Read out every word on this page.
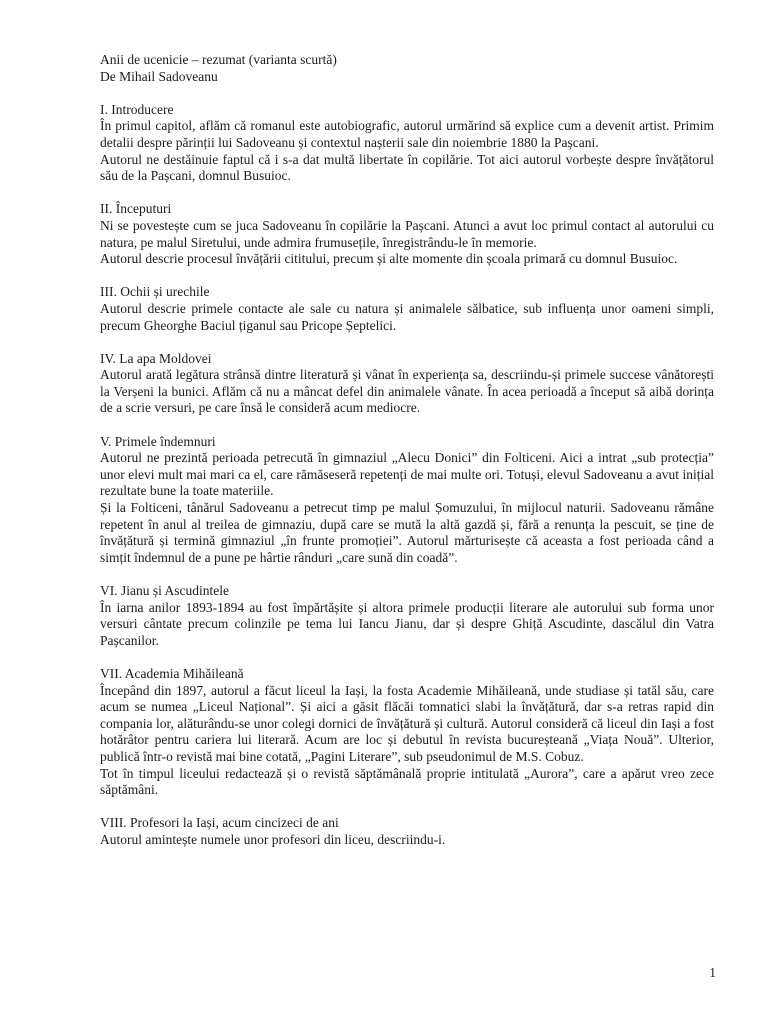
Anii de ucenicie – rezumat (varianta scurtă)

De Mihail Sadoveanu

I. Introducere

În primul capitol, aflăm că romanul este autobiografic, autorul urmărind să explice cum a devenit artist. Primim detalii despre părinții lui Sadoveanu și contextul nașterii sale din noiembrie 1880 la Pașcani.

Autorul ne destăinuie faptul că i s-a dat multă libertate în copilărie. Tot aici autorul vorbește despre învățătorul său de la Pașcani, domnul Busuioc.

II. Începuturi

Ni se povestește cum se juca Sadoveanu în copilărie la Pașcani. Atunci a avut loc primul contact al autorului cu natura, pe malul Siretului, unde admira frumusețile, înregistrându-le în memorie.

Autorul descrie procesul învățării cititului, precum și alte momente din școala primară cu domnul Busuioc.

III. Ochii și urechile

Autorul descrie primele contacte ale sale cu natura și animalele sălbatice, sub influența unor oameni simpli, precum Gheorghe Baciul țiganul sau Pricope Șeptelici.

IV. La apa Moldovei

Autorul arată legătura strânsă dintre literatură și vânat în experiența sa, descriindu-și primele succese vânătorești la Verșeni la bunici. Aflăm că nu a mâncat defel din animalele vânate. În acea perioadă a început să aibă dorința de a scrie versuri, pe care însă le consideră acum mediocre.

V. Primele îndemnuri

Autorul ne prezintă perioada petrecută în gimnaziul „Alecu Donici” din Folticeni. Aici a intrat „sub protecția” unor elevi mult mai mari ca el, care rămăseseră repetenți de mai multe ori. Totuși, elevul Sadoveanu a avut inițial rezultate bune la toate materiile.

Și la Folticeni, tânărul Sadoveanu a petrecut timp pe malul Șomuzului, în mijlocul naturii. Sadoveanu rămâne repetent în anul al treilea de gimnaziu, după care se mută la altă gazdă și, fără a renunța la pescuit, se ține de învățătură și termină gimnaziul „în frunte promoției”. Autorul mărturisește că aceasta a fost perioada când a simțit îndemnul de a pune pe hârtie rânduri „care sună din coadă”.

VI. Jianu și Ascudintele

În iarna anilor 1893-1894 au fost împărtășite și altora primele producții literare ale autorului sub forma unor versuri cântate precum colinzile pe tema lui Iancu Jianu, dar și despre Ghiță Ascudinte, dascălul din Vatra Pașcanilor.

VII. Academia Mihăileană

Începând din 1897, autorul a făcut liceul la Iași, la fosta Academie Mihăileană, unde studiase și tatăl său, care acum se numea „Liceul Național”. Și aici a găsit flăcăi tomnatici slabi la învățătură, dar s-a retras rapid din compania lor, alăturându-se unor colegi dornici de învățătură și cultură. Autorul consideră că liceul din Iași a fost hotărâtor pentru cariera lui literară. Acum are loc și debutul în revista bucureșteană „Viața Nouă”. Ulterior, publică într-o revistă mai bine cotată, „Pagini Literare”, sub pseudonimul de M.S. Cobuz.

Tot în timpul liceului redactează și o revistă săptămânală proprie intitulată „Aurora”, care a apărut vreo zece săptămâni.

VIII. Profesori la Iași, acum cincizeci de ani

Autorul amintește numele unor profesori din liceu, descriindu-i.

1
